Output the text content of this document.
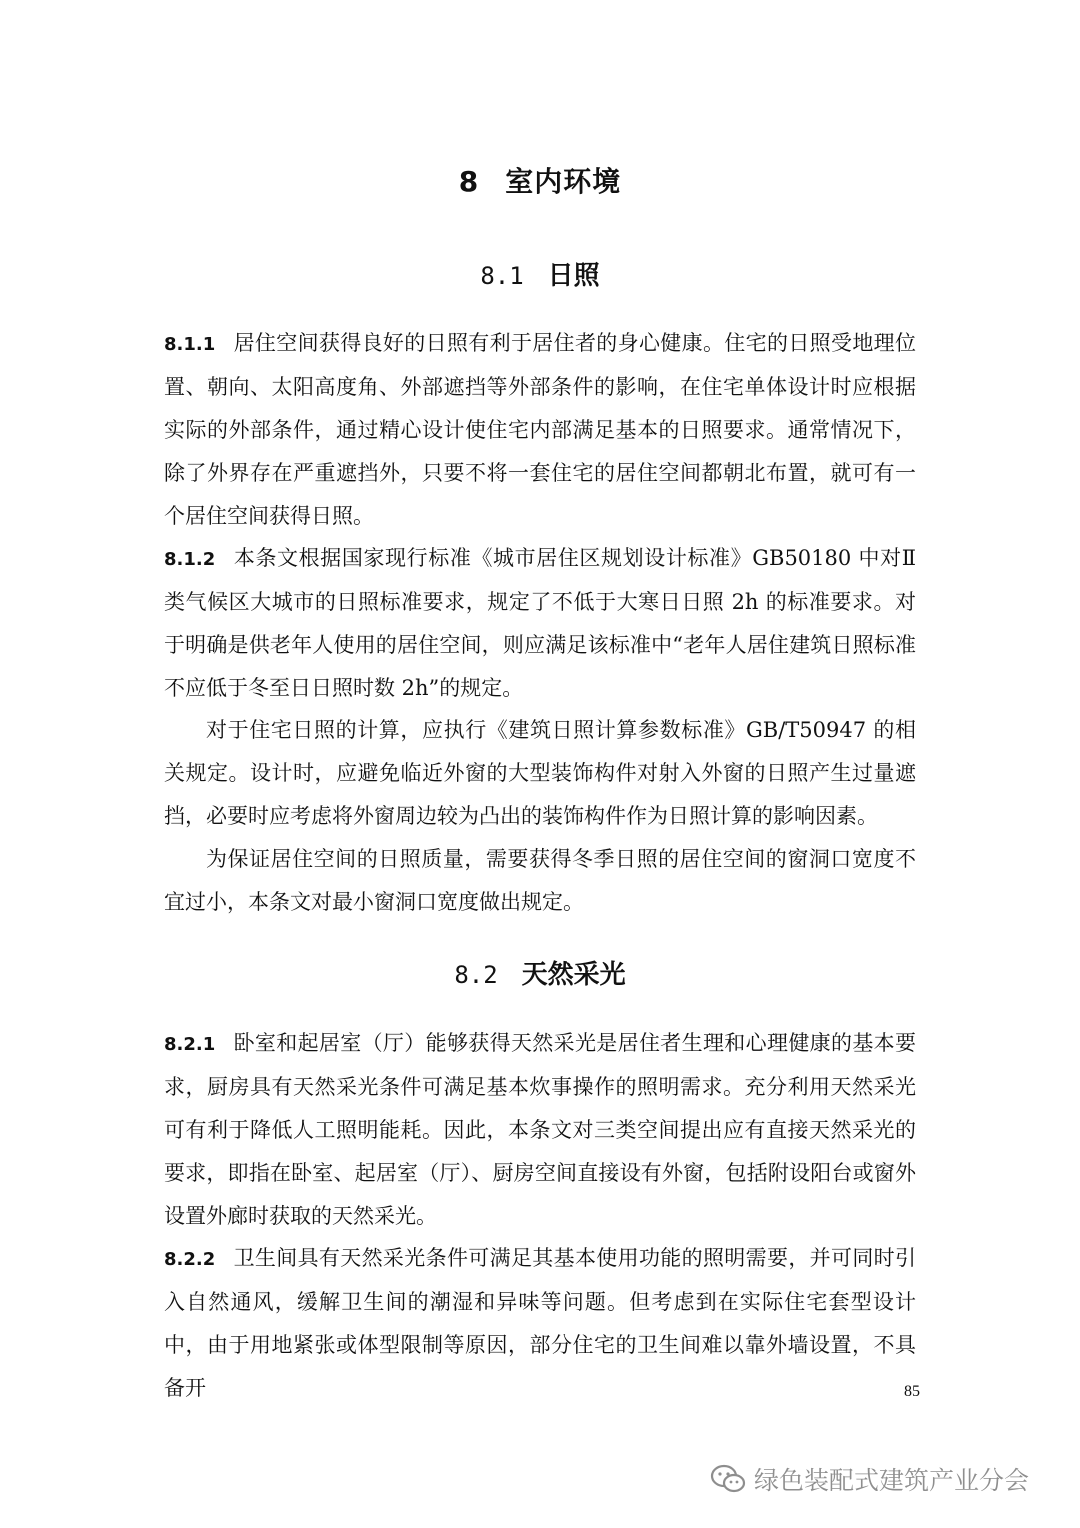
8 室内环境
8.1 日照
8.1.1 居住空间获得良好的日照有利于居住者的身心健康。住宅的日照受地理位置、朝向、太阳高度角、外部遮挡等外部条件的影响，在住宅单体设计时应根据实际的外部条件，通过精心设计使住宅内部满足基本的日照要求。通常情况下，除了外界存在严重遮挡外，只要不将一套住宅的居住空间都朝北布置，就可有一个居住空间获得日照。
8.1.2 本条文根据国家现行标准《城市居住区规划设计标准》GB50180 中对Ⅱ类气候区大城市的日照标准要求，规定了不低于大寒日日照 2h 的标准要求。对于明确是供老年人使用的居住空间，则应满足该标准中“老年人居住建筑日照标准不应低于冬至日日照时数 2h”的规定。
对于住宅日照的计算，应执行《建筑日照计算参数标准》GB/T50947 的相关规定。设计时，应避免临近外窗的大型装饰构件对射入外窗的日照产生过量遮挡，必要时应考虑将外窗周边较为凸出的装饰构件作为日照计算的影响因素。
为保证居住空间的日照质量，需要获得冬季日照的居住空间的窗洞口宽度不宜过小，本条文对最小窗洞口宽度做出规定。
8.2 天然采光
8.2.1 卧室和起居室（厅）能够获得天然采光是居住者生理和心理健康的基本要求，厨房具有天然采光条件可满足基本炊事操作的照明需求。充分利用天然采光可有利于降低人工照明能耗。因此，本条文对三类空间提出应有直接天然采光的要求，即指在卧室、起居室（厅）、厨房空间直接设有外窗，包括附设阳台或窗外设置外廊时获取的天然采光。
8.2.2 卫生间具有天然采光条件可满足其基本使用功能的照明需要，并可同时引入自然通风，缓解卫生间的潮湿和异味等问题。但考虑到在实际住宅套型设计中，由于用地紧张或体型限制等原因，部分住宅的卫生间难以靠外墙设置，不具备开	85
绿色装配式建筑产业分会
